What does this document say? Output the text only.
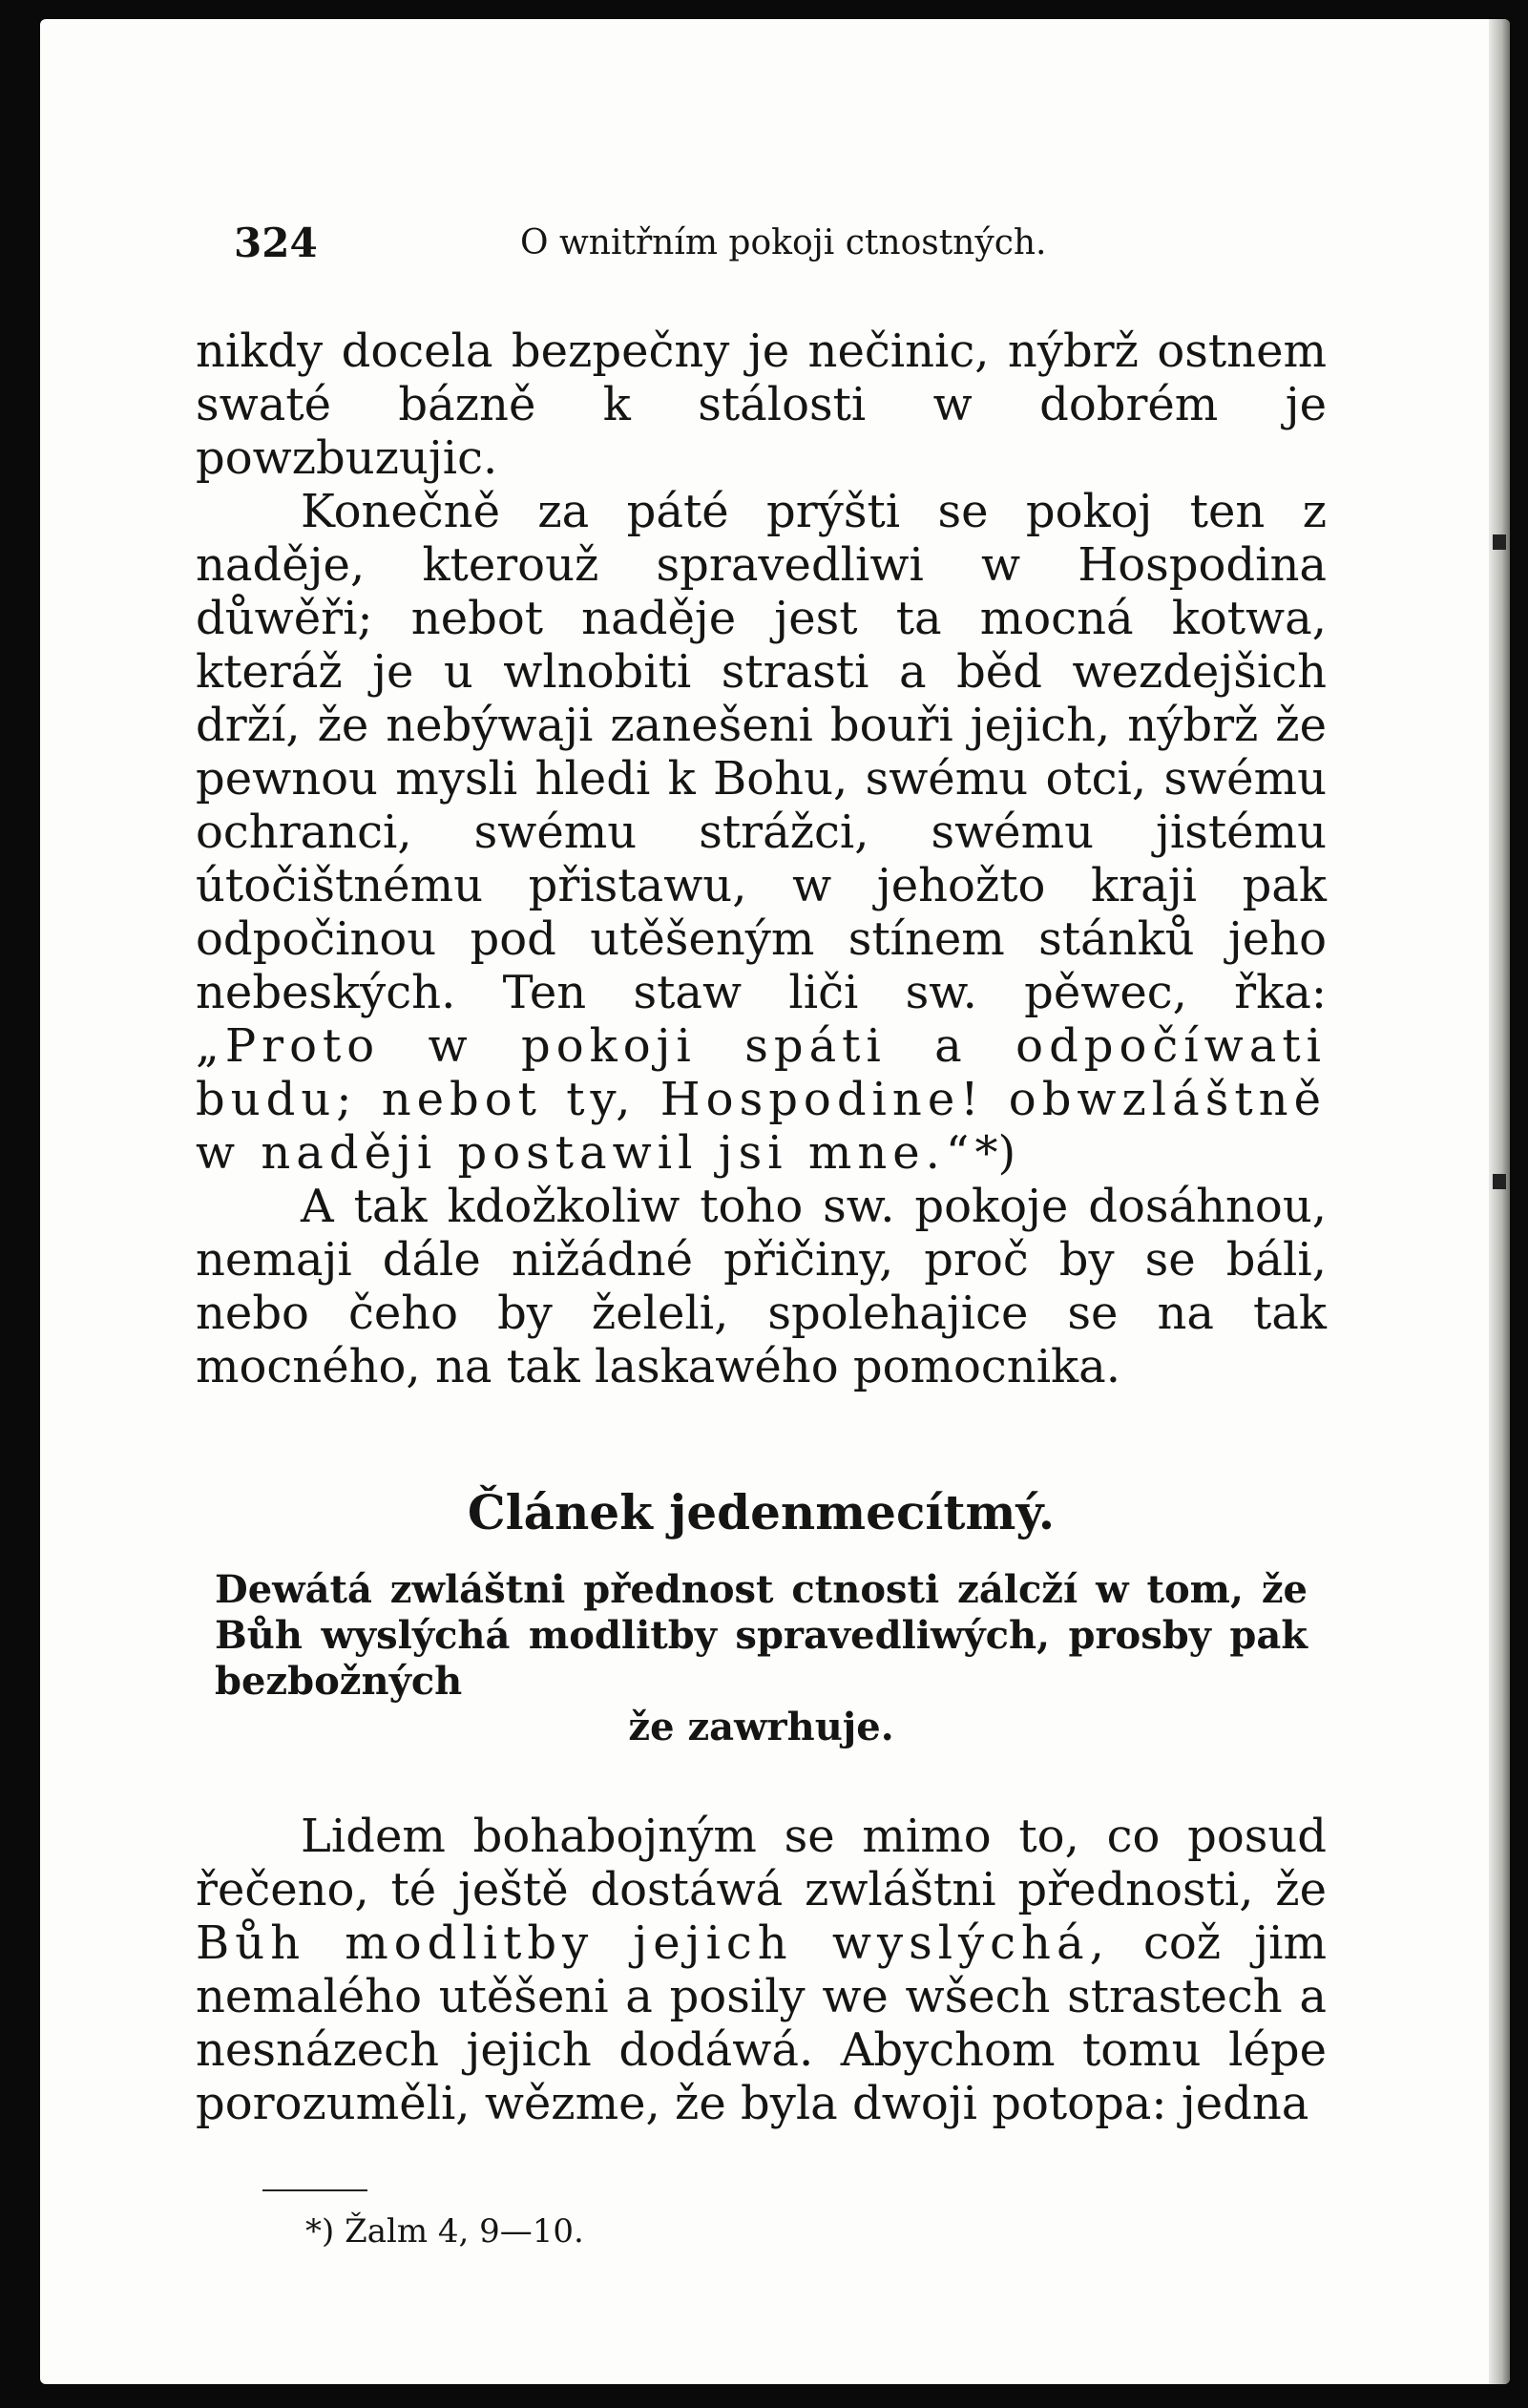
324	O wnitřním pokoji ctnostných.

nikdy docela bezpečny je nečinic, nýbrž ostnem swaté bázně k stálosti w dobrém je powzbuzujic.

Konečně za páté prýšti se pokoj ten z naděje, kterouž spravedliwi w Hospodina důwěři; nebot naděje jest ta mocná kotwa, kteráž je u wlnobiti strasti a běd wezdejšich drží, že nebýwaji zanešeni bouři jejich, nýbrž že pewnou mysli hledi k Bohu, swému otci, swému ochranci, swému strážci, swému jistému útočištnému přistawu, w jehožto kraji pak odpočinou pod utěšeným stínem stánků jeho nebeských. Ten staw liči sw. pěwec, řka: „Proto w pokoji spáti a odpočíwati budu; nebot ty, Hospodine! obwzláštně w naději postawil jsi mne.“*)

A tak kdožkoliw toho sw. pokoje dosáhnou, nemaji dále nižádné přičiny, proč by se báli, nebo čeho by želeli, spolehajice se na tak mocného, na tak laskawého pomocnika.

Článek jedenmecítmý.
Dewátá zwláštni přednost ctnosti zálcží w tom, že Bůh wyslýchá modlitby spravedliwých, prosby pak bezbožných
že zawrhuje.

Lidem bohabojným se mimo to, co posud řečeno, té ještě dostáwá zwláštni přednosti, že Bůh modlitby jejich wyslýchá, což jim nemalého utěšeni a posily we wšech strastech a nesnázech jejich dodáwá. Abychom tomu lépe porozuměli, wězme, že byla dwoji potopa: jedna

*) Žalm 4, 9—10.
